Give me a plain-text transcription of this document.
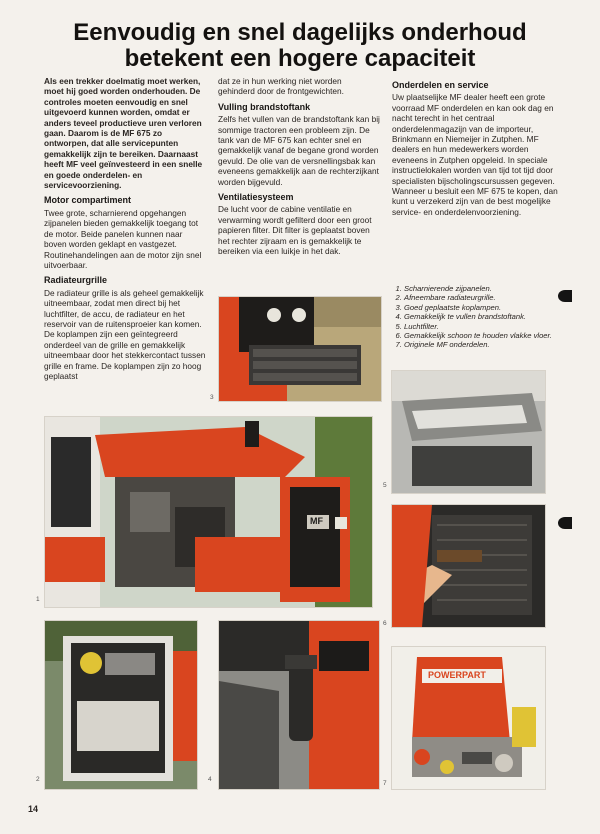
Eenvoudig en snel dagelijks onderhoud
betekent een hogere capaciteit

Als een trekker doelmatig moet werken, moet hij goed worden onderhouden. De controles moeten eenvoudig en snel uitgevoerd kunnen worden, omdat er anders teveel productieve uren verloren gaan. Daarom is de MF 675 zo ontworpen, dat alle servicepunten gemakkelijk zijn te bereiken. Daarnaast heeft MF veel geïnvesteerd in een snelle en goede onderdelen- en servicevoorziening.

Motor compartiment

Twee grote, scharnierend opgehangen zijpanelen bieden gemakkelijk toegang tot de motor. Beide panelen kunnen naar boven worden geklapt en vastgezet. Routinehandelingen aan de motor zijn snel uitvoerbaar.

Radiateurgrille

De radiateur grille is als geheel gemakkelijk uitneembaar, zodat men direct bij het luchtfilter, de accu, de radiateur en het reservoir van de ruitensproeier kan komen. De koplampen zijn een geïntegreerd onderdeel van de grille en gemakkelijk uitneembaar door het stekkercontact tussen grille en frame. De koplampen zijn zo hoog geplaatst

dat ze in hun werking niet worden gehinderd door de frontgewichten.

Vulling brandstoftank

Zelfs het vullen van de brandstoftank kan bij sommige tractoren een probleem zijn. De tank van de MF 675 kan echter snel en gemakkelijk vanaf de begane grond worden gevuld. De olie van de versnellingsbak kan eveneens gemakkelijk aan de rechterzijkant worden bijgevuld.

Ventilatiesysteem

De lucht voor de cabine ventilatie en verwarming wordt gefilterd door een groot papieren filter. Dit filter is geplaatst boven het rechter zijraam en is gemakkelijk te bereiken via een luikje in het dak.

Onderdelen en service

Uw plaatselijke MF dealer heeft een grote voorraad MF onderdelen en kan ook dag en nacht terecht in het centraal onderdelenmagazijn van de importeur, Brinkmann en Niemeijer in Zutphen. MF dealers en hun medewerkers worden eveneens in Zutphen opgeleid. In speciale instructielokalen worden van tijd tot tijd door specialisten bijscholingscursussen gegeven. Wanneer u besluit een MF 675 te kopen, dan kunt u verzekerd zijn van de best mogelijke service- en onderdelenvoorziening.

1. Scharnierende zijpanelen.
2. Afneembare radiateurgrille.
3. Goed geplaatste koplampen.
4. Gemakkelijk te vullen brandstoftank.
5. Luchtfilter.
6. Gemakkelijk schoon te houden vlakke vloer.
7. Originele MF onderdelen.
MF
POWERPART
1
2
3
4
5
6
7
14
